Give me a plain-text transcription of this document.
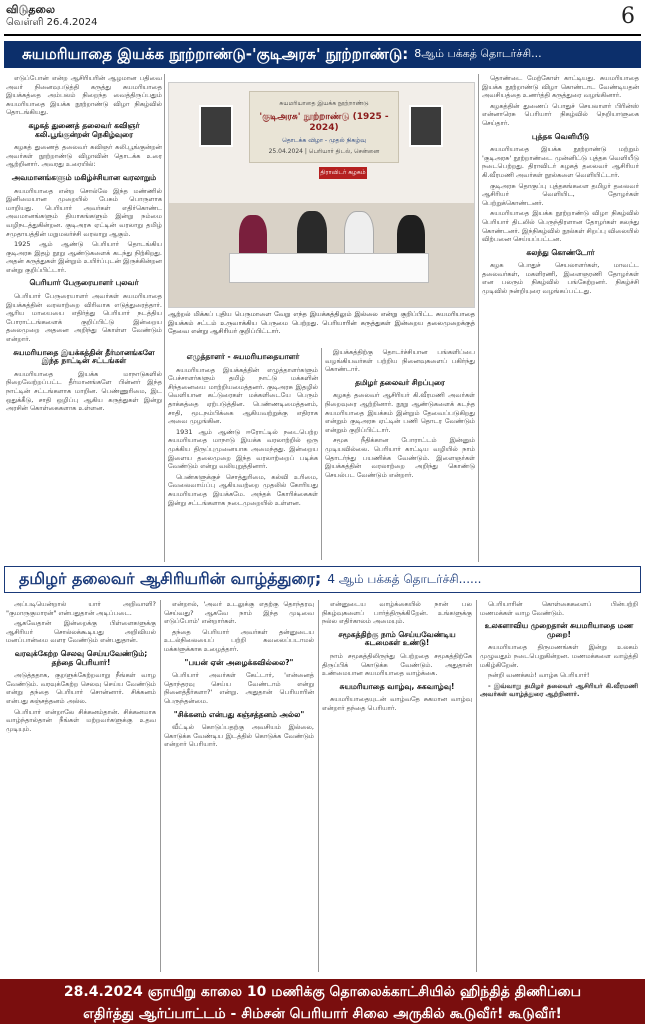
விடுதலை
வெள்ளி 26.4.2024	6
சுயமரியாதை இயக்க நூற்றாண்டு-'குடிஅரசு' நூற்றாண்டு: 8ஆம் பக்கத் தொடர்ச்சி...

எடுப்போன் என்ற ஆசிரியரின் ஆழமான பதிவை அவர் நினைவுபடுத்தி கருத்து சுயமரியாதை இயக்கத்தை அம்பலம் நிறைந்த வைத்திருப்பதும் சுயமரியாதை இயக்க நூற்றாண்டு விழா நிகழ்வில் தொடங்கியது.

கழகத் துணைத் தலைவர் கவிஞர் கலி.பூங்குன்றன் நெகிழ்வுரை

கழகத் துணைத் தலைவர் கவிஞர் கலி.பூங்குன்றன் அவர்கள் நூற்றாண்டு விழாவின் தொடக்க உரை ஆற்றினார். அவரது உரையில்:

அவமானங்களும் மகிழ்ச்சியான வரலாறும்

சுயமரியாதை என்ற சொல்லே இந்த மண்ணில் இனிமையான முறையில் பேசும் பொருளாக மாறியது. பெரியார் அவர்கள் எதிர்கொண்ட அவமானங்களும் தியாகங்களும் இன்று நம்மை வழிநடத்துகின்றன. குடிஅரசு ஏட்டின் வரலாறு தமிழ் சமுதாயத்தின் மறுமலர்ச்சி வரலாறு ஆகும்.

1925 ஆம் ஆண்டு பெரியார் தொடங்கிய குடிஅரசு இதழ் நூறு ஆண்டுகளைக் கடந்து நிற்கிறது. அதன் கருத்துகள் இன்றும் உயிர்ப்புடன் இருக்கின்றன என்று குறிப்பிட்டார்.

பெரியார் பேருரையாளர் புலவர்

பெரியார் பேருரையாளர் அவர்கள் சுயமரியாதை இயக்கத்தின் வரலாற்றை விரிவாக எடுத்துரைத்தார். ஆரிய மாயையை எதிர்த்து பெரியார் நடத்திய போராட்டங்களைக் குறிப்பிட்டு இன்றைய தலைமுறை அதனை அறிந்து கொள்ள வேண்டும் என்றார்.

சுயமரியாதை இயக்கத்தின் தீர்மானங்களே இந்த நாட்டின் சட்டங்கள்

சுயமரியாதை இயக்க மாநாடுகளில் நிறைவேற்றப்பட்ட தீர்மானங்களே பின்னர் இந்த நாட்டின் சட்டங்களாக மாறின. பெண்ணுரிமை, இட ஒதுக்கீடு, சாதி ஒழிப்பு ஆகிய கருத்துகள் இன்று அரசின் கொள்கைகளாக உள்ளன.

சுயமரியாதை இயக்க நூற்றாண்டு
'குடிஅரசு' நூற்றாண்டு (1925 - 2024)
தொடக்க விழா - முதல் நிகழ்வு
25.04.2024 | பெரியார் திடல், சென்னை
திராவிடர் கழகம்
ஆற்றல் மிக்கப் புதிய பெருமாளை வேறு எந்த இயக்கத்திலும் இல்லை என்று குறிப்பிட்ட சுயமரியாதை இயக்கம் சட்டம் உருவாக்கிய பெருமை பெற்றது. பெரியாரின் கருத்துகள் இன்றைய தலைமுறைக்குத் தேவை என்று ஆசிரியர் குறிப்பிட்டார்.
எழுத்தாளர் - சுயமரியாதையாளர்

சுயமரியாதை இயக்கத்தின் எழுத்தாளர்களும் பேச்சாளர்களும் தமிழ் நாட்டு மக்களின் சிந்தனையை மாற்றியமைத்தனர். குடிஅரசு இதழில் வெளியான கட்டுரைகள் மக்களிடையே பெரும் தாக்கத்தை ஏற்படுத்தின. பெண்ணடிமைத்தனம், சாதி, மூடநம்பிக்கை ஆகியவற்றுக்கு எதிராக அவை முழங்கின.

1931 ஆம் ஆண்டு ஈரோட்டில் நடைபெற்ற சுயமரியாதை மாநாடு இயக்க வரலாற்றில் ஒரு முக்கிய திருப்புமுனையாக அமைந்தது. இன்றைய இளைய தலைமுறை இந்த வரலாற்றைப் படிக்க வேண்டும் என்று வலியுறுத்தினார்.

பெண்களுக்குச் சொத்துரிமை, கல்வி உரிமை, வேலைவாய்ப்பு ஆகியவற்றை முதலில் கோரியது சுயமரியாதை இயக்கமே. அந்தக் கோரிக்கைகள் இன்று சட்டங்களாக நடைமுறையில் உள்ளன.

இயக்கத்திற்கு தொடர்ச்சியான பங்களிப்பை வழங்கியவர்கள் பற்றிய நினைவுகளைப் பகிர்ந்து கொண்டார்.

தமிழர் தலைவர் சிறப்புரை

கழகத் தலைவர் ஆசிரியர் கி.வீரமணி அவர்கள் நிறைவுரை ஆற்றினார். நூறு ஆண்டுகளைக் கடந்த சுயமரியாதை இயக்கம் இன்றும் தேவைப்படுகிறது என்றும் குடிஅரசு ஏட்டின் பணி தொடர வேண்டும் என்றும் குறிப்பிட்டார்.

சமூக நீதிக்கான போராட்டம் இன்னும் முடியவில்லை. பெரியார் காட்டிய வழியில் நாம் தொடர்ந்து பயணிக்க வேண்டும். இளைஞர்கள் இயக்கத்தின் வரலாற்றை அறிந்து கொண்டு செயல்பட வேண்டும் என்றார்.

தொண்டை மேற்கோள் காட்டியது. சுயமரியாதை இயக்க நூற்றாண்டு விழா கொண்டாட வேண்டியதன் அவசியத்தை உணர்த்தி கருத்துரை வழங்கினார்.

கழகத்தின் துணைப் பொதுச் செயலாளர் பிரின்ஸ் என்னாரெசு பெரியார் நிகழ்வில் நெறியாளுகை செய்தார்.

புத்தக வெளியீடு

சுயமரியாதை இயக்க நூற்றாண்டு மற்றும் 'குடிஅரசு' நூற்றாண்டை முன்னிட்டு புத்தக வெளியீடு நடைபெற்றது. திராவிடர் கழகத் தலைவர் ஆசிரியர் கி.வீரமணி அவர்கள் நூல்களை வெளியிட்டார்.

குடிஅரசு தொகுப்பு புத்தகங்களை தமிழர் தலைவர் ஆசிரியர் வெளியிட, தோழர்கள் பெற்றுக்கொண்டனர்.

சுயமரியாதை இயக்க நூற்றாண்டு விழா நிகழ்வில் பெரியார் திடலில் பெருந்திரளான தோழர்கள் கலந்து கொண்டனர். இந்நிகழ்வில் நூல்கள் சிறப்பு விலையில் விற்பனை செய்யப்பட்டன.

கலந்து கொண்டோர்

கழக பொதுச் செயலாளர்கள், மாவட்ட தலைவர்கள், மகளிரணி, இளைஞரணி தோழர்கள் என பலரும் நிகழ்வில் பங்கேற்றனர். நிகழ்ச்சி முடிவில் நன்றியுரை வழங்கப்பட்டது.

தமிழர் தலைவர் ஆசிரியரின் வாழ்த்துரை; 4 ஆம் பக்கத் தொடர்ச்சி......

அப்படியென்றால் யார் அறிவாளி? "குமாருகுமாரன்" என்பதுதான் அடிப்படை.

ஆகவேதான் இன்றைக்கு பிள்ளைகளுக்கு ஆசிரியர் சொல்லக்கூடியது அறிவியல் மனப்பான்மை வளர வேண்டும் என்பதுதான்.

வரவுக்கேற்ற செலவு செய்யவேண்டும்; தந்தை பெரியார்!

அடுத்ததாக, குறளுக்கேற்றவாறு நீங்கள் வாழ வேண்டும். வரவுக்கேற்ற செலவு செய்ய வேண்டும் என்று தந்தை பெரியார் சொன்னார். சிக்கனம் என்பது கஞ்சத்தனம் அல்ல.

பெரியார் என்றாலே சிக்கனம்தான். சிக்கனமாக வாழ்ந்தால்தான் நீங்கள் மற்றவர்களுக்கு உதவ முடியும்.

என்றால், 'அவர் உடலுக்கு எதற்கு தொந்தரவு செய்வது? ஆகவே நாம் இந்த முடிவை எடுப்போம்' என்றார்கள்.

தந்தை பெரியார் அவர்கள் தன்னுடைய உடல்நிலையைப் பற்றி கவலைப்படாமல் மக்களுக்காக உழைத்தார்.

"பயன் ஏன் அழைக்கவில்லை?"

பெரியார் அவர்கள் கேட்டார், 'என்னைத் தொந்தரவு செய்ய வேண்டாம் என்று நினைத்தீர்களா?' என்று. அதுதான் பெரியாரின் பெருந்தன்மை.

"சிக்கனம் என்பது கஞ்சத்தனம் அல்ல"

வீட்டில் கொடுப்பதற்கு அவசியம் இல்லை, கொடுக்க வேண்டிய இடத்தில் கொடுக்க வேண்டும் என்றார் பெரியார்.

என்னுடைய வாழ்க்கையில் நான் பல நிகழ்வுகளைப் பார்த்திருக்கிறேன். உங்களுக்கு நல்ல எதிர்காலம் அமையும்.

சமூகத்திற்கு நாம் செய்யவேண்டிய கடமைகள் உண்டு!

நாம் சமூகத்திலிருந்து பெற்றதை சமூகத்திற்கே திருப்பிக் கொடுக்க வேண்டும். அதுதான் உண்மையான சுயமரியாதை வாழ்க்கை.

சுயமரியாதை வாழ்வு, சுகவாழ்வு!

சுயமரியாதையுடன் வாழ்வதே சுகமான வாழ்வு என்றார் தந்தை பெரியார்.

பெரியாரின் கொள்கைகளைப் பின்பற்றி மணமக்கள் வாழ வேண்டும்.

உலகளாவிய முறைதான் சுயமரியாதை மண முறை!

சுயமரியாதை திருமணங்கள் இன்று உலகம் முழுவதும் நடைபெறுகின்றன. மணமக்களை வாழ்த்தி மகிழ்கிறேன்.

நன்றி வணக்கம்! வாழ்க பெரியார்!

- இவ்வாறு தமிழர் தலைவர் ஆசிரியர் கி.வீரமணி அவர்கள் வாழ்த்துரை ஆற்றினார்.

28.4.2024 ஞாயிறு காலை 10 மணிக்கு தொலைக்காட்சியில் ஹிந்தித் திணிப்பை
எதிர்த்து ஆர்ப்பாட்டம் - சிம்சன் பெரியார் சிலை அருகில் கூடுவீர்! கூடுவீர்!
